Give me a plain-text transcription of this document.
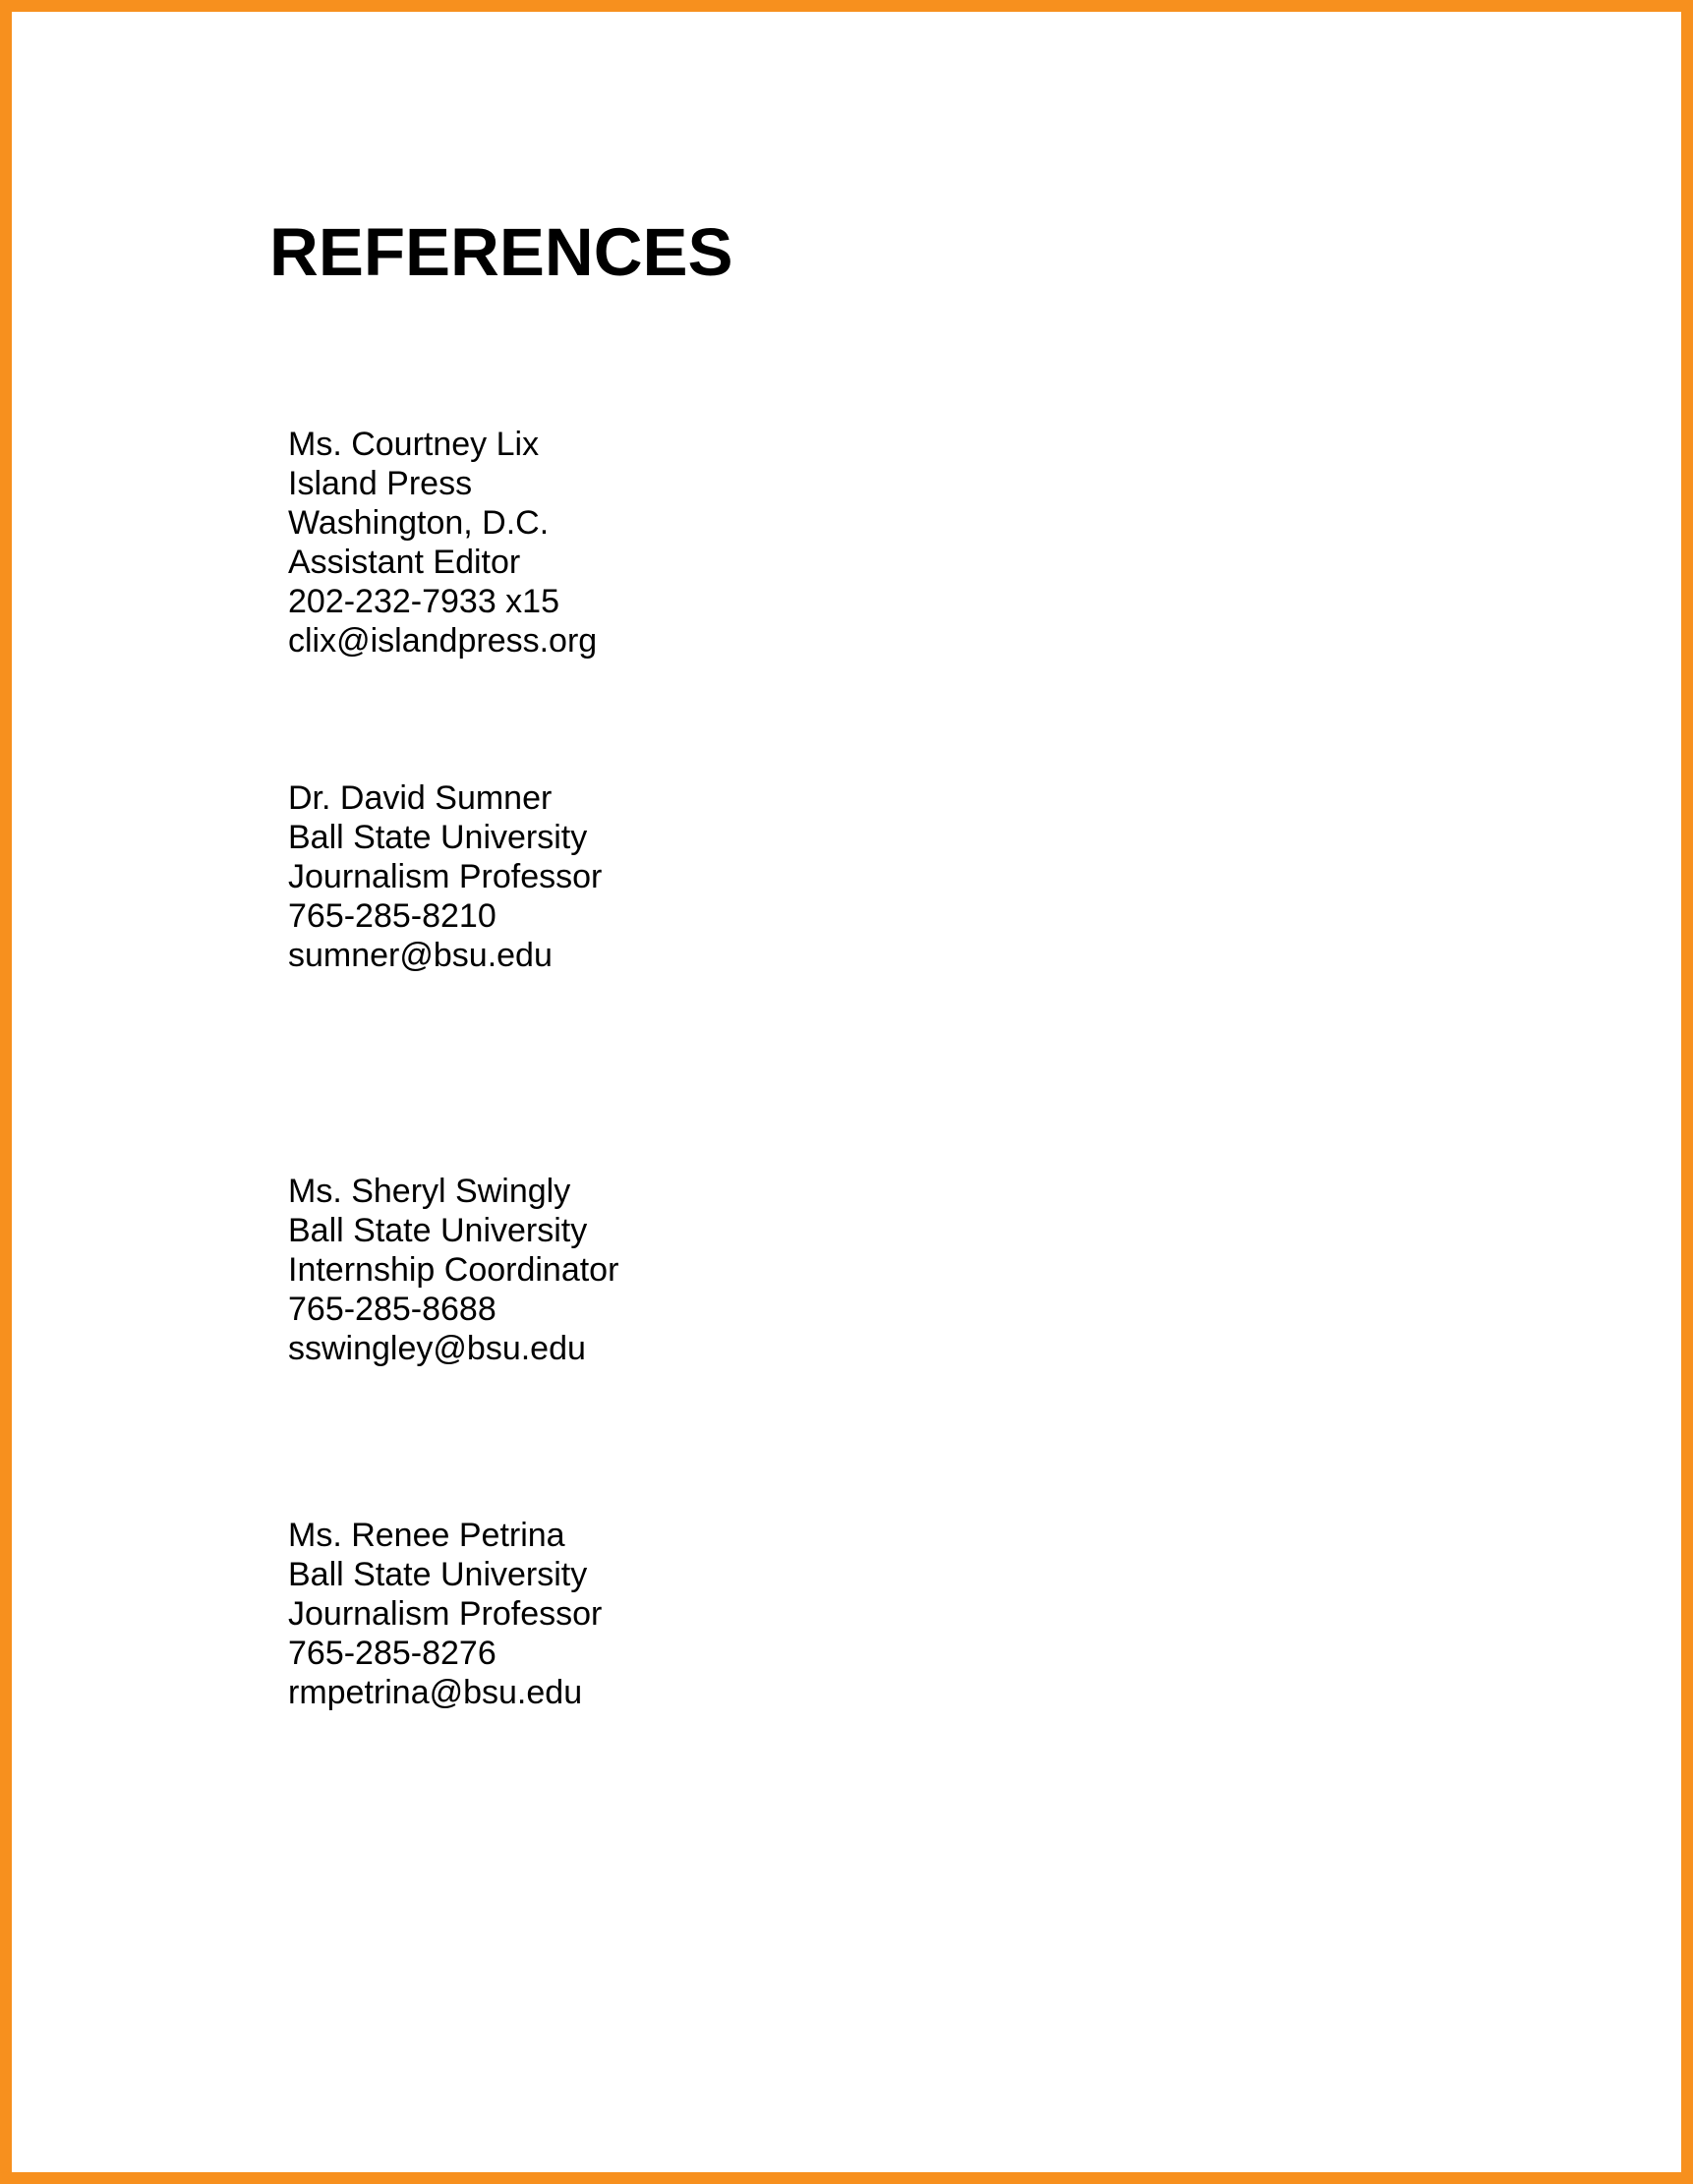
REFERENCES
Ms. Courtney Lix
Island Press
Washington, D.C.
Assistant Editor
202-232-7933 x15
clix@islandpress.org
Dr. David Sumner
Ball State University
Journalism Professor
765-285-8210
sumner@bsu.edu
Ms. Sheryl Swingly
Ball State University
Internship Coordinator
765-285-8688
sswingley@bsu.edu
Ms. Renee Petrina
Ball State University
Journalism Professor
765-285-8276
rmpetrina@bsu.edu
